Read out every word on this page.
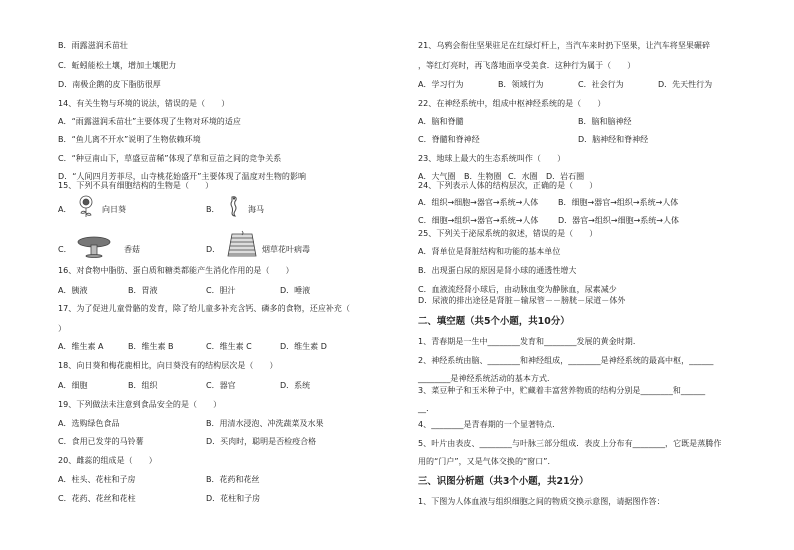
B．雨露滋润禾苗壮
C．蚯蚓能松土壤，增加土壤肥力
D．南极企鹅的皮下脂肪很厚
14、有关生物与环境的说法，错误的是（　　）
A．“雨露滋润禾苗壮”主要体现了生物对环境的适应
B．“鱼儿离不开水”说明了生物依赖环境
C．“种豆南山下，草盛豆苗稀”体现了草和豆苗之间的竞争关系
D．“人间四月芳菲尽，山寺桃花始盛开”主要体现了温度对生物的影响
15、下列不具有细胞结构的生物是（　　）
A．	向日葵	B．	海马
C．	香菇	D．	烟草花叶病毒
16、对食物中脂肪、蛋白质和糖类都能产生消化作用的是（　　）
A．胰液	B．胃液	C．胆汁	D．唾液
17、为了促进儿童骨骼的发育，除了给儿童多补充含钙、磷多的食物，还应补充（
）
A．维生素 A	B．维生素 B	C．维生素 C	D．维生素 D
18、向日葵和梅花鹿相比，向日葵没有的结构层次是（　　）
A．细胞	B．组织	C．器官	D．系统
19、下列做法未注意到食品安全的是（　　）
A．选购绿色食品	B．用清水浸泡、冲洗蔬菜及水果
C．食用已发芽的马铃薯	D．买肉时，聪明是否检疫合格
20、雌蕊的组成是（　　）
A．柱头、花柱和子房	B．花药和花丝
C．花药、花丝和花柱	D．花柱和子房
21、乌鸦会衔住坚果驻足在红绿灯杆上，当汽车来时扔下坚果，让汽车将坚果碾碎
，等红灯亮时，再飞落地面享受美食．这种行为属于（　　）
A．学习行为	B．领域行为	C．社会行为	D．先天性行为
22、在神经系统中，组成中枢神经系统的是（　　）
A．脑和脊髓	B．脑和脑神经
C．脊髓和脊神经	D．脑神经和脊神经
23、地球上最大的生态系统叫作（　　）
A．大气圈 B．生物圈 C．水圈 D．岩石圈
24、下列表示人体的结构层次，正确的是（　　）
A．组织→细胞→器官→系统→人体 B．细胞→器官→组织→系统→人体
C．细胞→组织→器官→系统→人体 D．器官→组织→细胞→系统→人体
25、下列关于泌尿系统的叙述，错误的是（　　）
A．肾单位是肾脏结构和功能的基本单位
B．出现蛋白尿的原因是肾小球的通透性增大
C．血液流经肾小球后，由动脉血变为静脉血，尿素减少
D．尿液的排出途径是肾脏－输尿管－－膀胱－尿道－体外
二、填空题（共5个小题，共10分）
1、青春期是一生中________发育和________发展的黄金时期．
2、神经系统由脑、________和神经组成，________是神经系统的最高中枢，______
________是神经系统活动的基本方式．
3、菜豆种子和玉米种子中，贮藏着丰富营养物质的结构分别是________和______
__．
4、________是青春期的一个显著特点．
5、叶片由表皮、________与叶脉三部分组成．表皮上分布有________，它既是蒸腾作
用的“门户”，又是气体交换的“窗口”．
三、识图分析题（共3个小题，共21分）
1、下图为人体血液与组织细胞之间的物质交换示意图，请据图作答：
